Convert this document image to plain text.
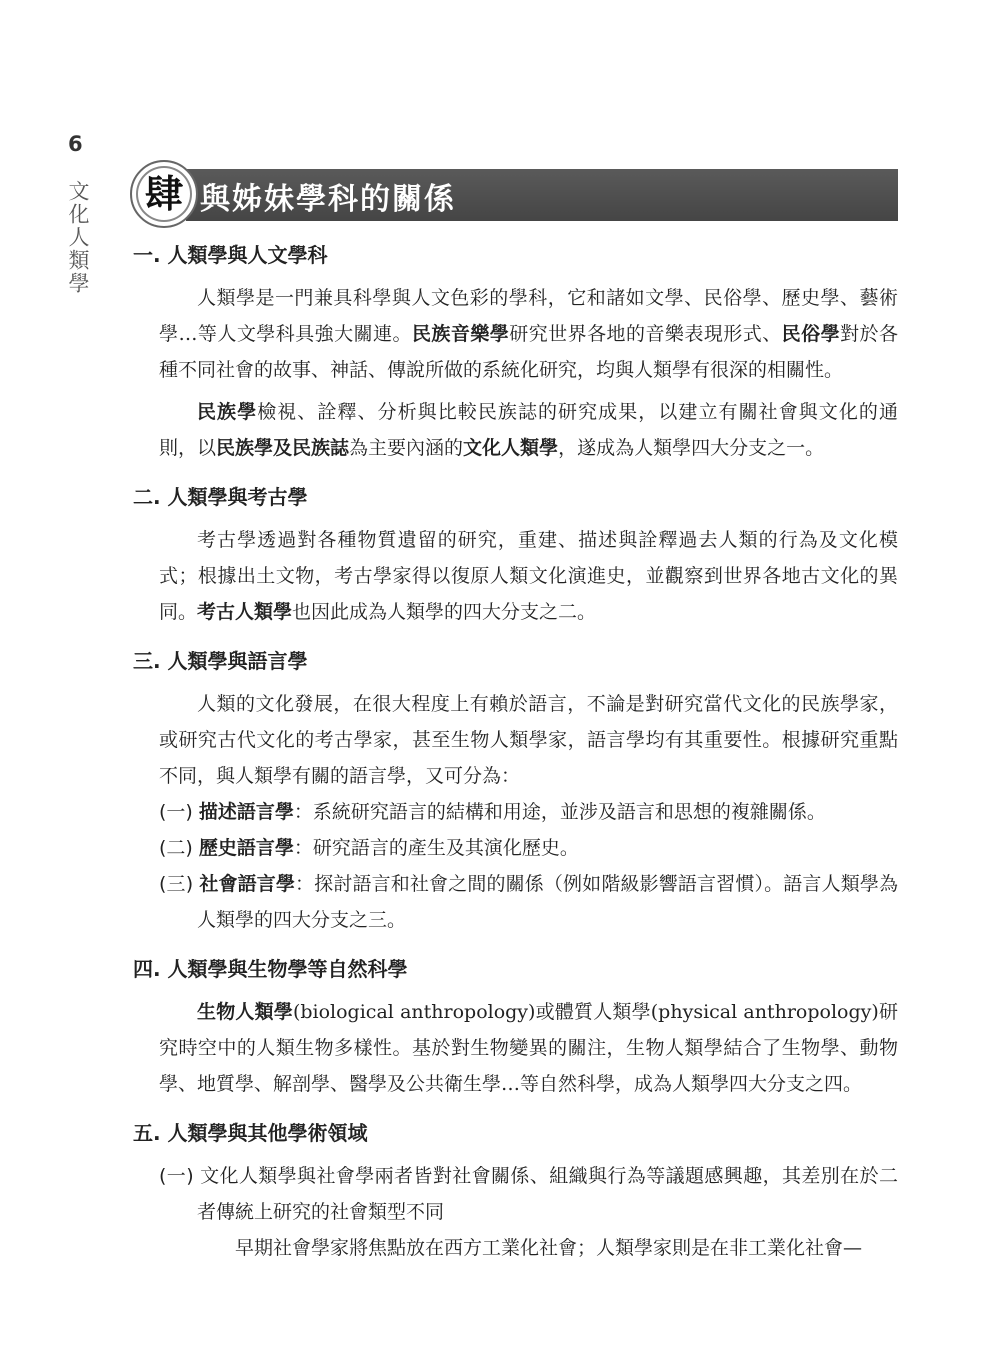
6
文化人類學	與姊妹學科的關係
肆
一. 人類學與人文學科

人類學是一門兼具科學與人文色彩的學科，它和諸如文學、民俗學、歷史學、藝術學…等人文學科具強大關連。民族音樂學研究世界各地的音樂表現形式、民俗學對於各種不同社會的故事、神話、傳說所做的系統化研究，均與人類學有很深的相關性。

民族學檢視、詮釋、分析與比較民族誌的研究成果，以建立有關社會與文化的通則，以民族學及民族誌為主要內涵的文化人類學，遂成為人類學四大分支之一。

二. 人類學與考古學

考古學透過對各種物質遺留的研究，重建、描述與詮釋過去人類的行為及文化模式；根據出土文物，考古學家得以復原人類文化演進史，並觀察到世界各地古文化的異同。考古人類學也因此成為人類學的四大分支之二。

三. 人類學與語言學

人類的文化發展，在很大程度上有賴於語言，不論是對研究當代文化的民族學家，或研究古代文化的考古學家，甚至生物人類學家，語言學均有其重要性。根據研究重點不同，與人類學有關的語言學，又可分為：

(一) 描述語言學：系統研究語言的結構和用途，並涉及語言和思想的複雜關係。

(二) 歷史語言學：研究語言的產生及其演化歷史。

(三) 社會語言學：探討語言和社會之間的關係（例如階級影響語言習慣）。語言人類學為人類學的四大分支之三。

四. 人類學與生物學等自然科學

生物人類學(biological anthropology)或體質人類學(physical anthropology)研究時空中的人類生物多樣性。基於對生物變異的關注，生物人類學結合了生物學、動物學、地質學、解剖學、醫學及公共衛生學…等自然科學，成為人類學四大分支之四。

五. 人類學與其他學術領域

(一) 文化人類學與社會學兩者皆對社會關係、組織與行為等議題感興趣，其差別在於二者傳統上研究的社會類型不同

早期社會學家將焦點放在西方工業化社會；人類學家則是在非工業化社會—
